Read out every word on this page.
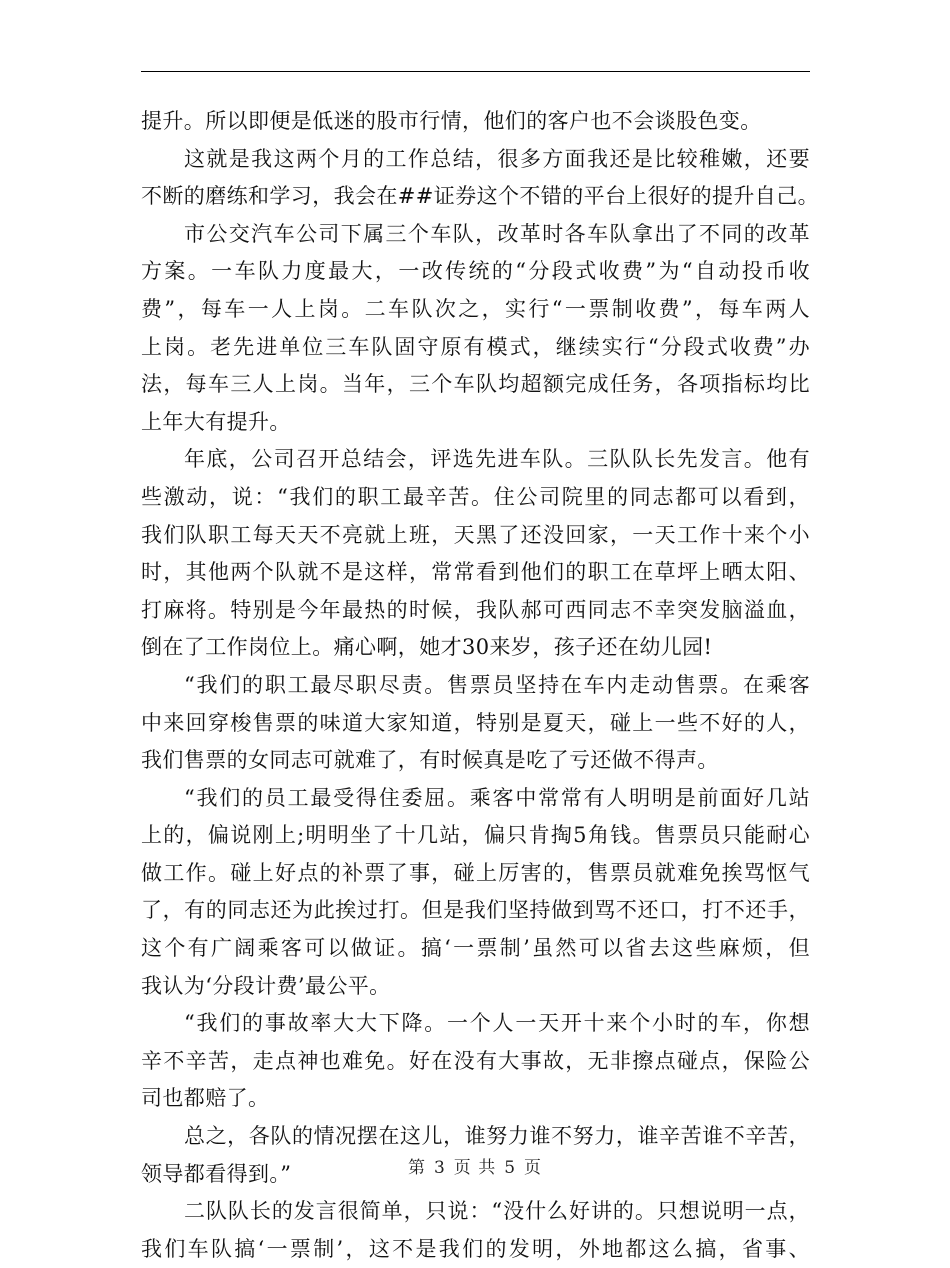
提升。所以即便是低迷的股市行情，他们的客户也不会谈股色变。
这就是我这两个月的工作总结，很多方面我还是比较稚嫩，还要
不断的磨练和学习，我会在##证券这个不错的平台上很好的提升自己。
市公交汽车公司下属三个车队，改革时各车队拿出了不同的改革
方案。一车队力度最大，一改传统的“分段式收费”为“自动投币收
费”，每车一人上岗。二车队次之，实行“一票制收费”，每车两人
上岗。老先进单位三车队固守原有模式，继续实行“分段式收费”办
法，每车三人上岗。当年，三个车队均超额完成任务，各项指标均比
上年大有提升。
年底，公司召开总结会，评选先进车队。三队队长先发言。他有
些激动，说：“我们的职工最辛苦。住公司院里的同志都可以看到，
我们队职工每天天不亮就上班，天黑了还没回家，一天工作十来个小
时，其他两个队就不是这样，常常看到他们的职工在草坪上晒太阳、
打麻将。特别是今年最热的时候，我队郝可西同志不幸突发脑溢血，
倒在了工作岗位上。痛心啊，她才30来岁，孩子还在幼儿园!
“我们的职工最尽职尽责。售票员坚持在车内走动售票。在乘客
中来回穿梭售票的味道大家知道，特别是夏天，碰上一些不好的人，
我们售票的女同志可就难了，有时候真是吃了亏还做不得声。
“我们的员工最受得住委屈。乘客中常常有人明明是前面好几站
上的，偏说刚上;明明坐了十几站，偏只肯掏5角钱。售票员只能耐心
做工作。碰上好点的补票了事，碰上厉害的，售票员就难免挨骂怄气
了，有的同志还为此挨过打。但是我们坚持做到骂不还口，打不还手，
这个有广阔乘客可以做证。搞‘一票制’虽然可以省去这些麻烦，但
我认为‘分段计费’最公平。
“我们的事故率大大下降。一个人一天开十来个小时的车，你想
辛不辛苦，走点神也难免。好在没有大事故，无非擦点碰点，保险公
司也都赔了。
总之，各队的情况摆在这儿，谁努力谁不努力，谁辛苦谁不辛苦，
领导都看得到。”
二队队长的发言很简单，只说：“没什么好讲的。只想说明一点，
我们车队搞‘一票制’，这不是我们的发明，外地都这么搞，省事、
第 3 页 共 5 页
